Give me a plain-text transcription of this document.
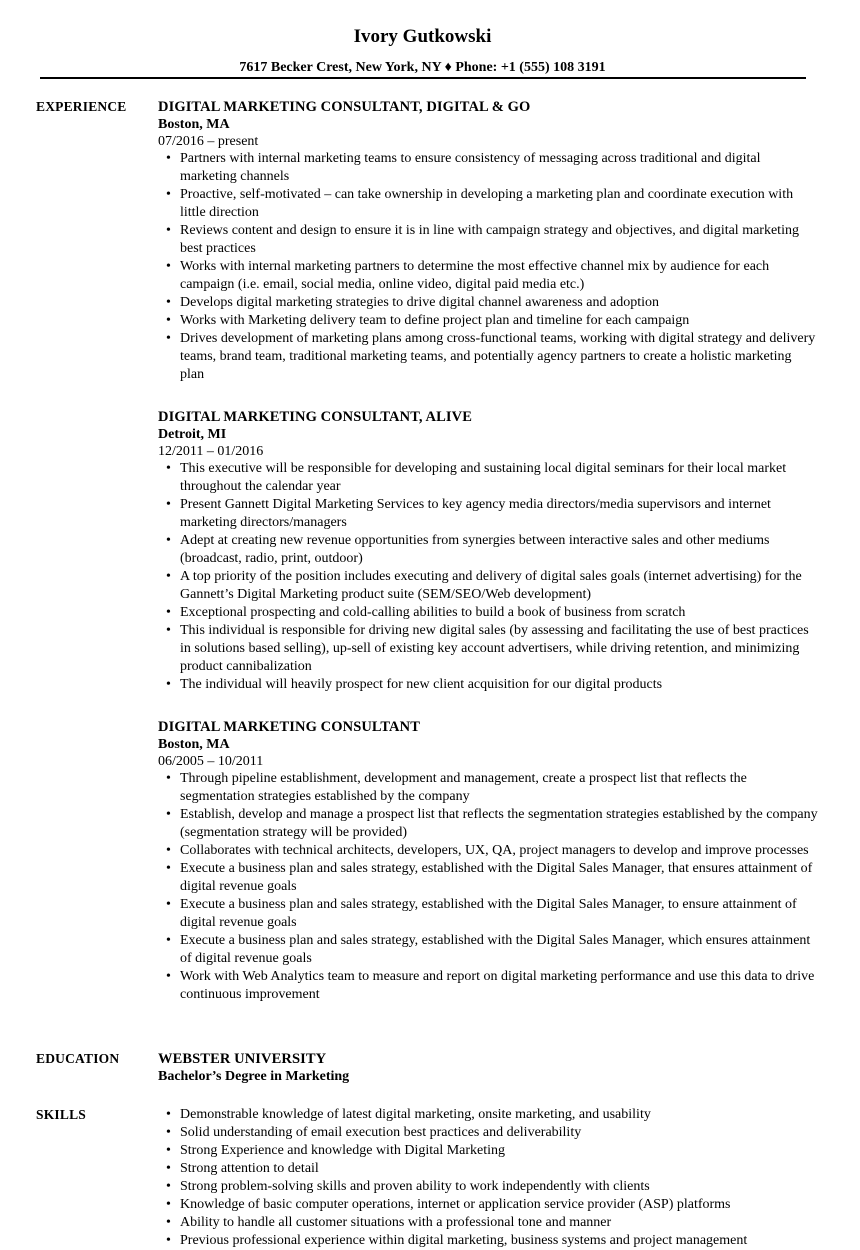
Ivory Gutkowski
7617 Becker Crest, New York, NY ♦ Phone: +1 (555) 108 3191
EXPERIENCE DIGITAL MARKETING CONSULTANT, DIGITAL & GO
Boston, MA
07/2016 – present
• Partners with internal marketing teams to ensure consistency of messaging across traditional and digital marketing channels
• Proactive, self-motivated – can take ownership in developing a marketing plan and coordinate execution with little direction
• Reviews content and design to ensure it is in line with campaign strategy and objectives, and digital marketing best practices
• Works with internal marketing partners to determine the most effective channel mix by audience for each campaign (i.e. email, social media, online video, digital paid media etc.)
• Develops digital marketing strategies to drive digital channel awareness and adoption
• Works with Marketing delivery team to define project plan and timeline for each campaign
• Drives development of marketing plans among cross-functional teams, working with digital strategy and delivery teams, brand team, traditional marketing teams, and potentially agency partners to create a holistic marketing plan
DIGITAL MARKETING CONSULTANT, ALIVE
Detroit, MI
12/2011 – 01/2016
• This executive will be responsible for developing and sustaining local digital seminars for their local market throughout the calendar year
• Present Gannett Digital Marketing Services to key agency media directors/media supervisors and internet marketing directors/managers
• Adept at creating new revenue opportunities from synergies between interactive sales and other mediums (broadcast, radio, print, outdoor)
• A top priority of the position includes executing and delivery of digital sales goals (internet advertising) for the Gannett’s Digital Marketing product suite (SEM/SEO/Web development)
• Exceptional prospecting and cold-calling abilities to build a book of business from scratch
• This individual is responsible for driving new digital sales (by assessing and facilitating the use of best practices in solutions based selling), up-sell of existing key account advertisers, while driving retention, and minimizing product cannibalization
• The individual will heavily prospect for new client acquisition for our digital products
DIGITAL MARKETING CONSULTANT
Boston, MA
06/2005 – 10/2011
• Through pipeline establishment, development and management, create a prospect list that reflects the segmentation strategies established by the company
• Establish, develop and manage a prospect list that reflects the segmentation strategies established by the company (segmentation strategy will be provided)
• Collaborates with technical architects, developers, UX, QA, project managers to develop and improve processes
• Execute a business plan and sales strategy, established with the Digital Sales Manager, that ensures attainment of digital revenue goals
• Execute a business plan and sales strategy, established with the Digital Sales Manager, to ensure attainment of digital revenue goals
• Execute a business plan and sales strategy, established with the Digital Sales Manager, which ensures attainment of digital revenue goals
• Work with Web Analytics team to measure and report on digital marketing performance and use this data to drive continuous improvement
EDUCATION	WEBSTER UNIVERSITY
Bachelor’s Degree in Marketing
SKILLS
•	Demonstrable knowledge of latest digital marketing, onsite marketing, and usability
• Solid understanding of email execution best practices and deliverability
• Strong Experience and knowledge with Digital Marketing
• Strong attention to detail
• Strong problem-solving skills and proven ability to work independently with clients
• Knowledge of basic computer operations, internet or application service provider (ASP) platforms
• Ability to handle all customer situations with a professional tone and manner
• Previous professional experience within digital marketing, business systems and project management
